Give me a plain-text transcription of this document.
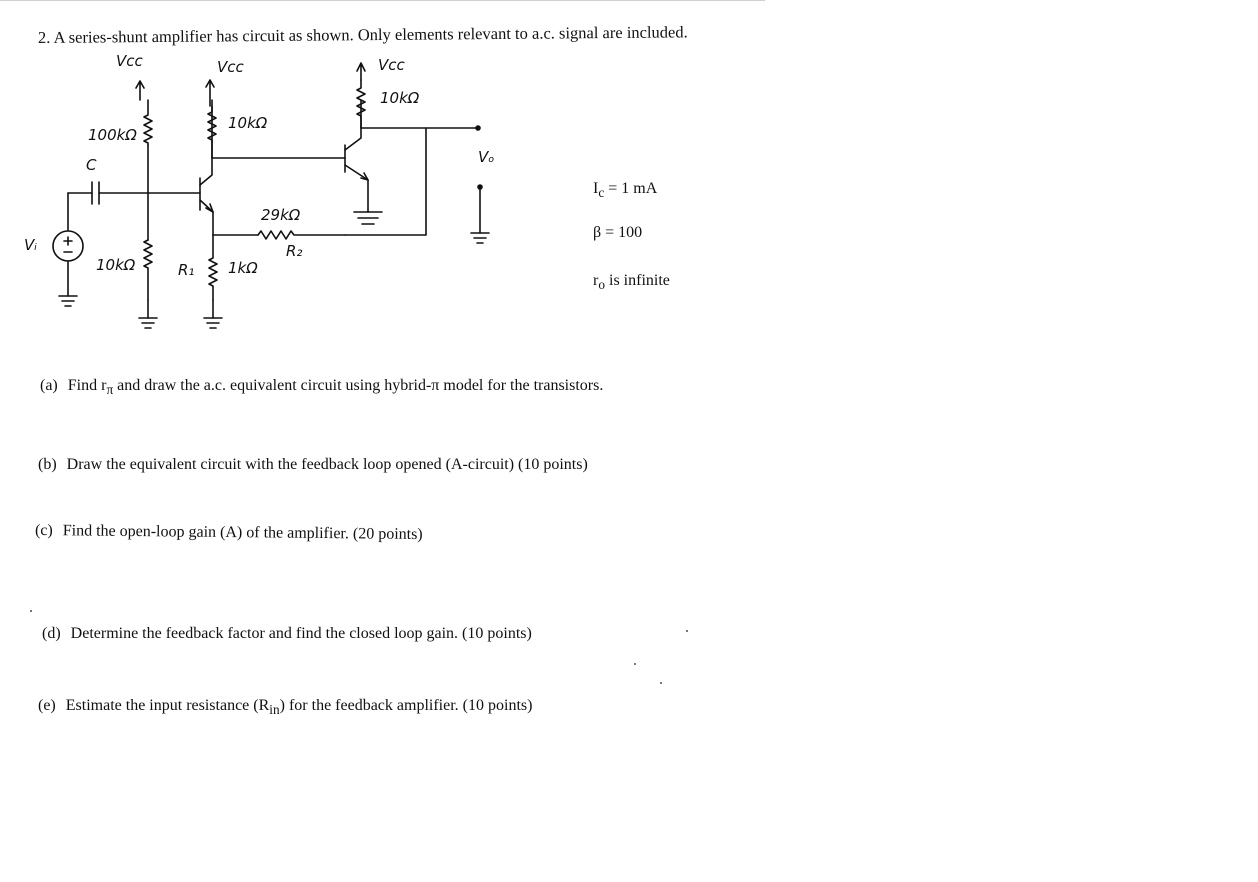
2. A series-shunt amplifier has circuit as shown. Only elements relevant to a.c. signal are included.
Vcc	Vcc	Vcc
10kΩ
10kΩ
100kΩ
C	Vₒ
29kΩ
R₂
Vᵢ
10kΩ	R₁ 1kΩ
$I_c = 1$ mA
β = 100
$r_o$ is infinite
(a) Find $r_\pi$ and draw the a.c. equivalent circuit using hybrid-π model for the transistors.
(b) Draw the equivalent circuit with the feedback loop opened (A-circuit) (10 points)
(c) Find the open-loop gain (A) of the amplifier. (20 points)
(d) Determine the feedback factor and find the closed loop gain. (10 points)
(e) Estimate the input resistance $(R_{in})$ for the feedback amplifier. (10 points)
